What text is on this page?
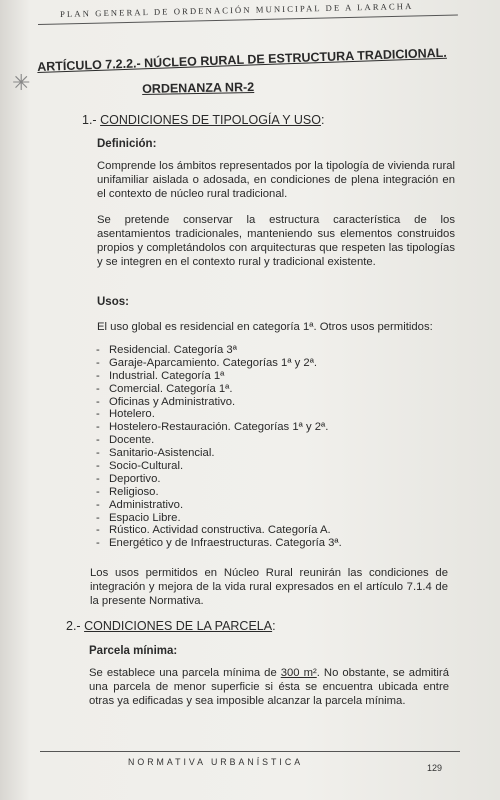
PLAN GENERAL DE ORDENACIÓN MUNICIPAL DE A LARACHA
✳
ARTÍCULO 7.2.2.- NÚCLEO RURAL DE ESTRUCTURA TRADICIONAL.
ORDENANZA NR-2
1.- CONDICIONES DE TIPOLOGÍA Y USO:
Definición:
Comprende los ámbitos representados por la tipología de vivienda rural unifamiliar aislada o adosada, en condiciones de plena integración en el contexto de núcleo rural tradicional.
Se pretende conservar la estructura característica de los asentamientos tradicionales, manteniendo sus elementos construidos propios y completándolos con arquitecturas que respeten las tipologías y se integren en el contexto rural y tradicional existente.
Usos:
El uso global es residencial en categoría 1ª. Otros usos permitidos:
- Residencial. Categoría 3ª
- Garaje-Aparcamiento. Categorías 1ª y 2ª.
- Industrial. Categoría 1ª
- Comercial. Categoría 1ª.
- Oficinas y Administrativo.
- Hotelero.
- Hostelero-Restauración. Categorías 1ª y 2ª.
- Docente.
- Sanitario-Asistencial.
- Socio-Cultural.
- Deportivo.
- Religioso.
- Administrativo.
- Espacio Libre.
- Rústico. Actividad constructiva. Categoría A.
- Energético y de Infraestructuras. Categoría 3ª.
Los usos permitidos en Núcleo Rural reunirán las condiciones de integración y mejora de la vida rural expresados en el artículo 7.1.4 de la presente Normativa.
2.- CONDICIONES DE LA PARCELA:
Parcela mínima:
Se establece una parcela mínima de 300 m². No obstante, se admitirá una parcela de menor superficie si ésta se encuentra ubicada entre otras ya edificadas y sea imposible alcanzar la parcela mínima.
NORMATIVA URBANÍSTICA
129
